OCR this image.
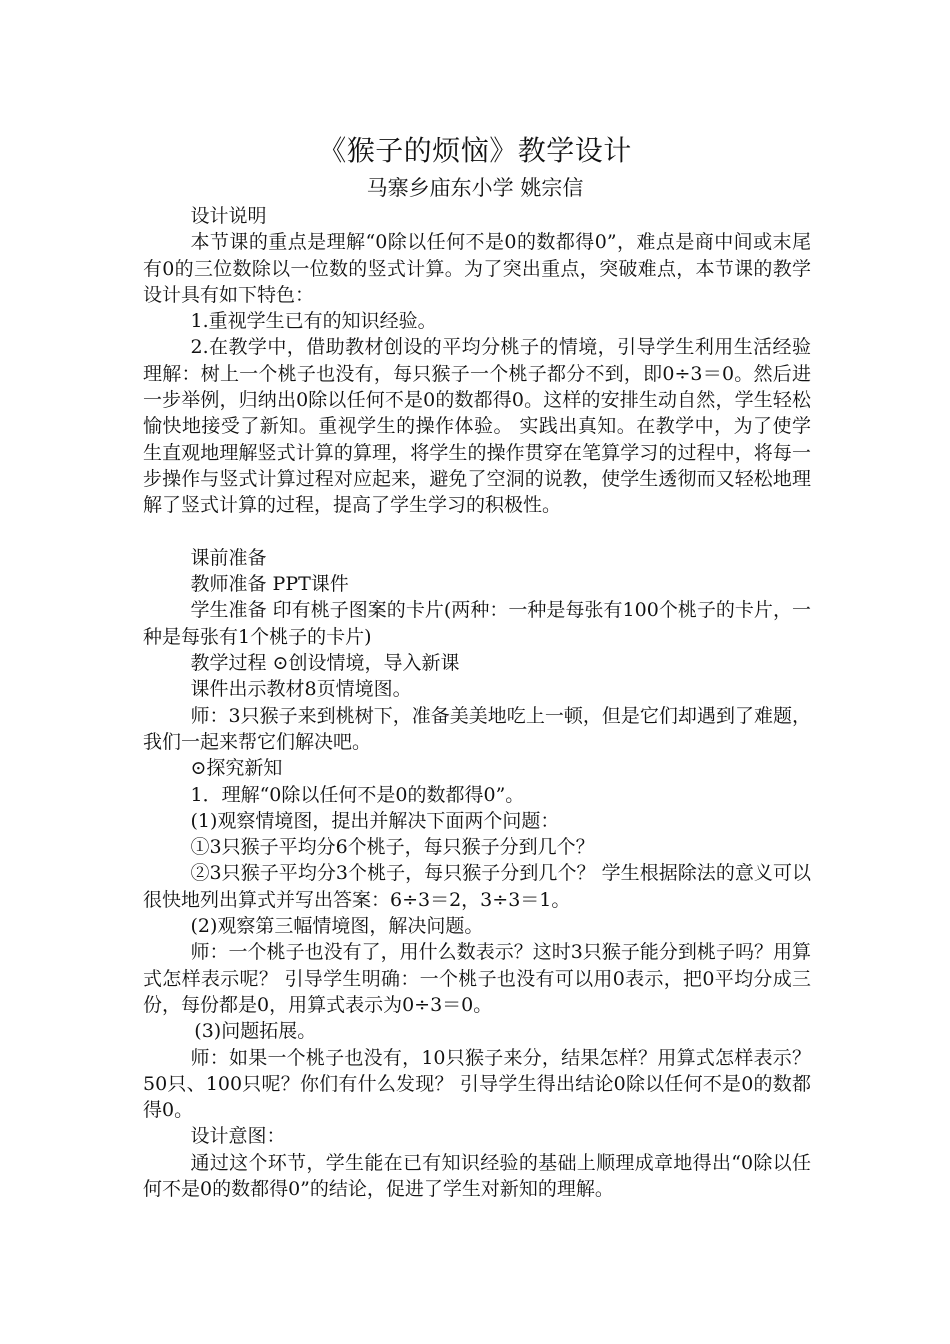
《猴子的烦恼》教学设计
马寨乡庙东小学 姚宗信

设计说明

本节课的重点是理解“0除以任何不是0的数都得0”，难点是商中间或末尾有0的三位数除以一位数的竖式计算。为了突出重点，突破难点，本节课的教学设计具有如下特色：

1.重视学生已有的知识经验。

2.在教学中，借助教材创设的平均分桃子的情境，引导学生利用生活经验理解：树上一个桃子也没有，每只猴子一个桃子都分不到，即0÷3＝0。然后进一步举例，归纳出0除以任何不是0的数都得0。这样的安排生动自然，学生轻松愉快地接受了新知。重视学生的操作体验。 实践出真知。在教学中，为了使学生直观地理解竖式计算的算理，将学生的操作贯穿在笔算学习的过程中，将每一步操作与竖式计算过程对应起来，避免了空洞的说教，使学生透彻而又轻松地理解了竖式计算的过程，提高了学生学习的积极性。

课前准备

教师准备 PPT课件

学生准备 印有桃子图案的卡片(两种：一种是每张有100个桃子的卡片，一种是每张有1个桃子的卡片)

教学过程 ⊙创设情境，导入新课

课件出示教材8页情境图。

师：3只猴子来到桃树下，准备美美地吃上一顿，但是它们却遇到了难题，我们一起来帮它们解决吧。

⊙探究新知

1．理解“0除以任何不是0的数都得0”。

(1)观察情境图，提出并解决下面两个问题：

①3只猴子平均分6个桃子，每只猴子分到几个？

②3只猴子平均分3个桃子，每只猴子分到几个？ 学生根据除法的意义可以很快地列出算式并写出答案：6÷3＝2，3÷3＝1。

(2)观察第三幅情境图，解决问题。

师：一个桃子也没有了，用什么数表示？这时3只猴子能分到桃子吗？用算式怎样表示呢？ 引导学生明确：一个桃子也没有可以用0表示，把0平均分成三份，每份都是0，用算式表示为0÷3＝0。

(3)问题拓展。

师：如果一个桃子也没有，10只猴子来分，结果怎样？用算式怎样表示？50只、100只呢？你们有什么发现？ 引导学生得出结论0除以任何不是0的数都得0。

设计意图：

通过这个环节，学生能在已有知识经验的基础上顺理成章地得出“0除以任何不是0的数都得0”的结论，促进了学生对新知的理解。
